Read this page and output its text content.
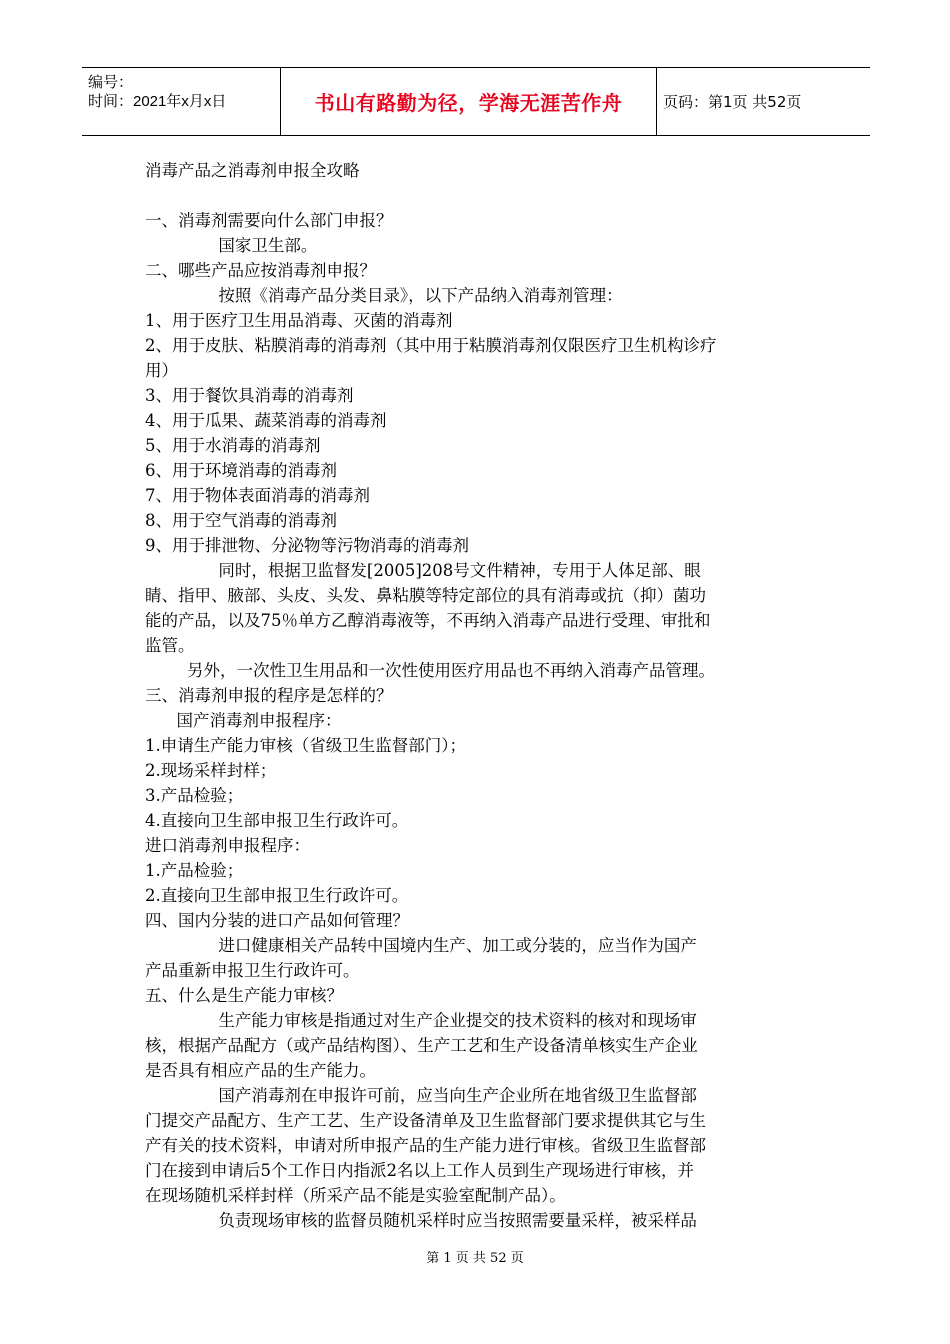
编号：
时间：2021年x月x日	书山有路勤为径，学海无涯苦作舟	页码：第1页 共52页
消毒产品之消毒剂申报全攻略
一、消毒剂需要向什么部门申报？
国家卫生部。
二、哪些产品应按消毒剂申报？
按照《消毒产品分类目录》，以下产品纳入消毒剂管理：
1、用于医疗卫生用品消毒、灭菌的消毒剂
2、用于皮肤、粘膜消毒的消毒剂（其中用于粘膜消毒剂仅限医疗卫生机构诊疗
用）
3、用于餐饮具消毒的消毒剂
4、用于瓜果、蔬菜消毒的消毒剂
5、用于水消毒的消毒剂
6、用于环境消毒的消毒剂
7、用于物体表面消毒的消毒剂
8、用于空气消毒的消毒剂
9、用于排泄物、分泌物等污物消毒的消毒剂
同时，根据卫监督发[2005]208号文件精神，专用于人体足部、眼
睛、指甲、腋部、头皮、头发、鼻粘膜等特定部位的具有消毒或抗（抑）菌功
能的产品，以及75％单方乙醇消毒液等，不再纳入消毒产品进行受理、审批和
监管。
另外，一次性卫生用品和一次性使用医疗用品也不再纳入消毒产品管理。
三、消毒剂申报的程序是怎样的？
国产消毒剂申报程序：
1.申请生产能力审核（省级卫生监督部门）；
2.现场采样封样；
3.产品检验；
4.直接向卫生部申报卫生行政许可。
进口消毒剂申报程序：
1.产品检验；
2.直接向卫生部申报卫生行政许可。
四、国内分装的进口产品如何管理？
进口健康相关产品转中国境内生产、加工或分装的，应当作为国产
产品重新申报卫生行政许可。
五、什么是生产能力审核？
生产能力审核是指通过对生产企业提交的技术资料的核对和现场审
核，根据产品配方（或产品结构图）、生产工艺和生产设备清单核实生产企业
是否具有相应产品的生产能力。
国产消毒剂在申报许可前，应当向生产企业所在地省级卫生监督部
门提交产品配方、生产工艺、生产设备清单及卫生监督部门要求提供其它与生
产有关的技术资料，申请对所申报产品的生产能力进行审核。省级卫生监督部
门在接到申请后5个工作日内指派2名以上工作人员到生产现场进行审核，并
在现场随机采样封样（所采产品不能是实验室配制产品）。
负责现场审核的监督员随机采样时应当按照需要量采样，被采样品
第 1 页 共 52 页
